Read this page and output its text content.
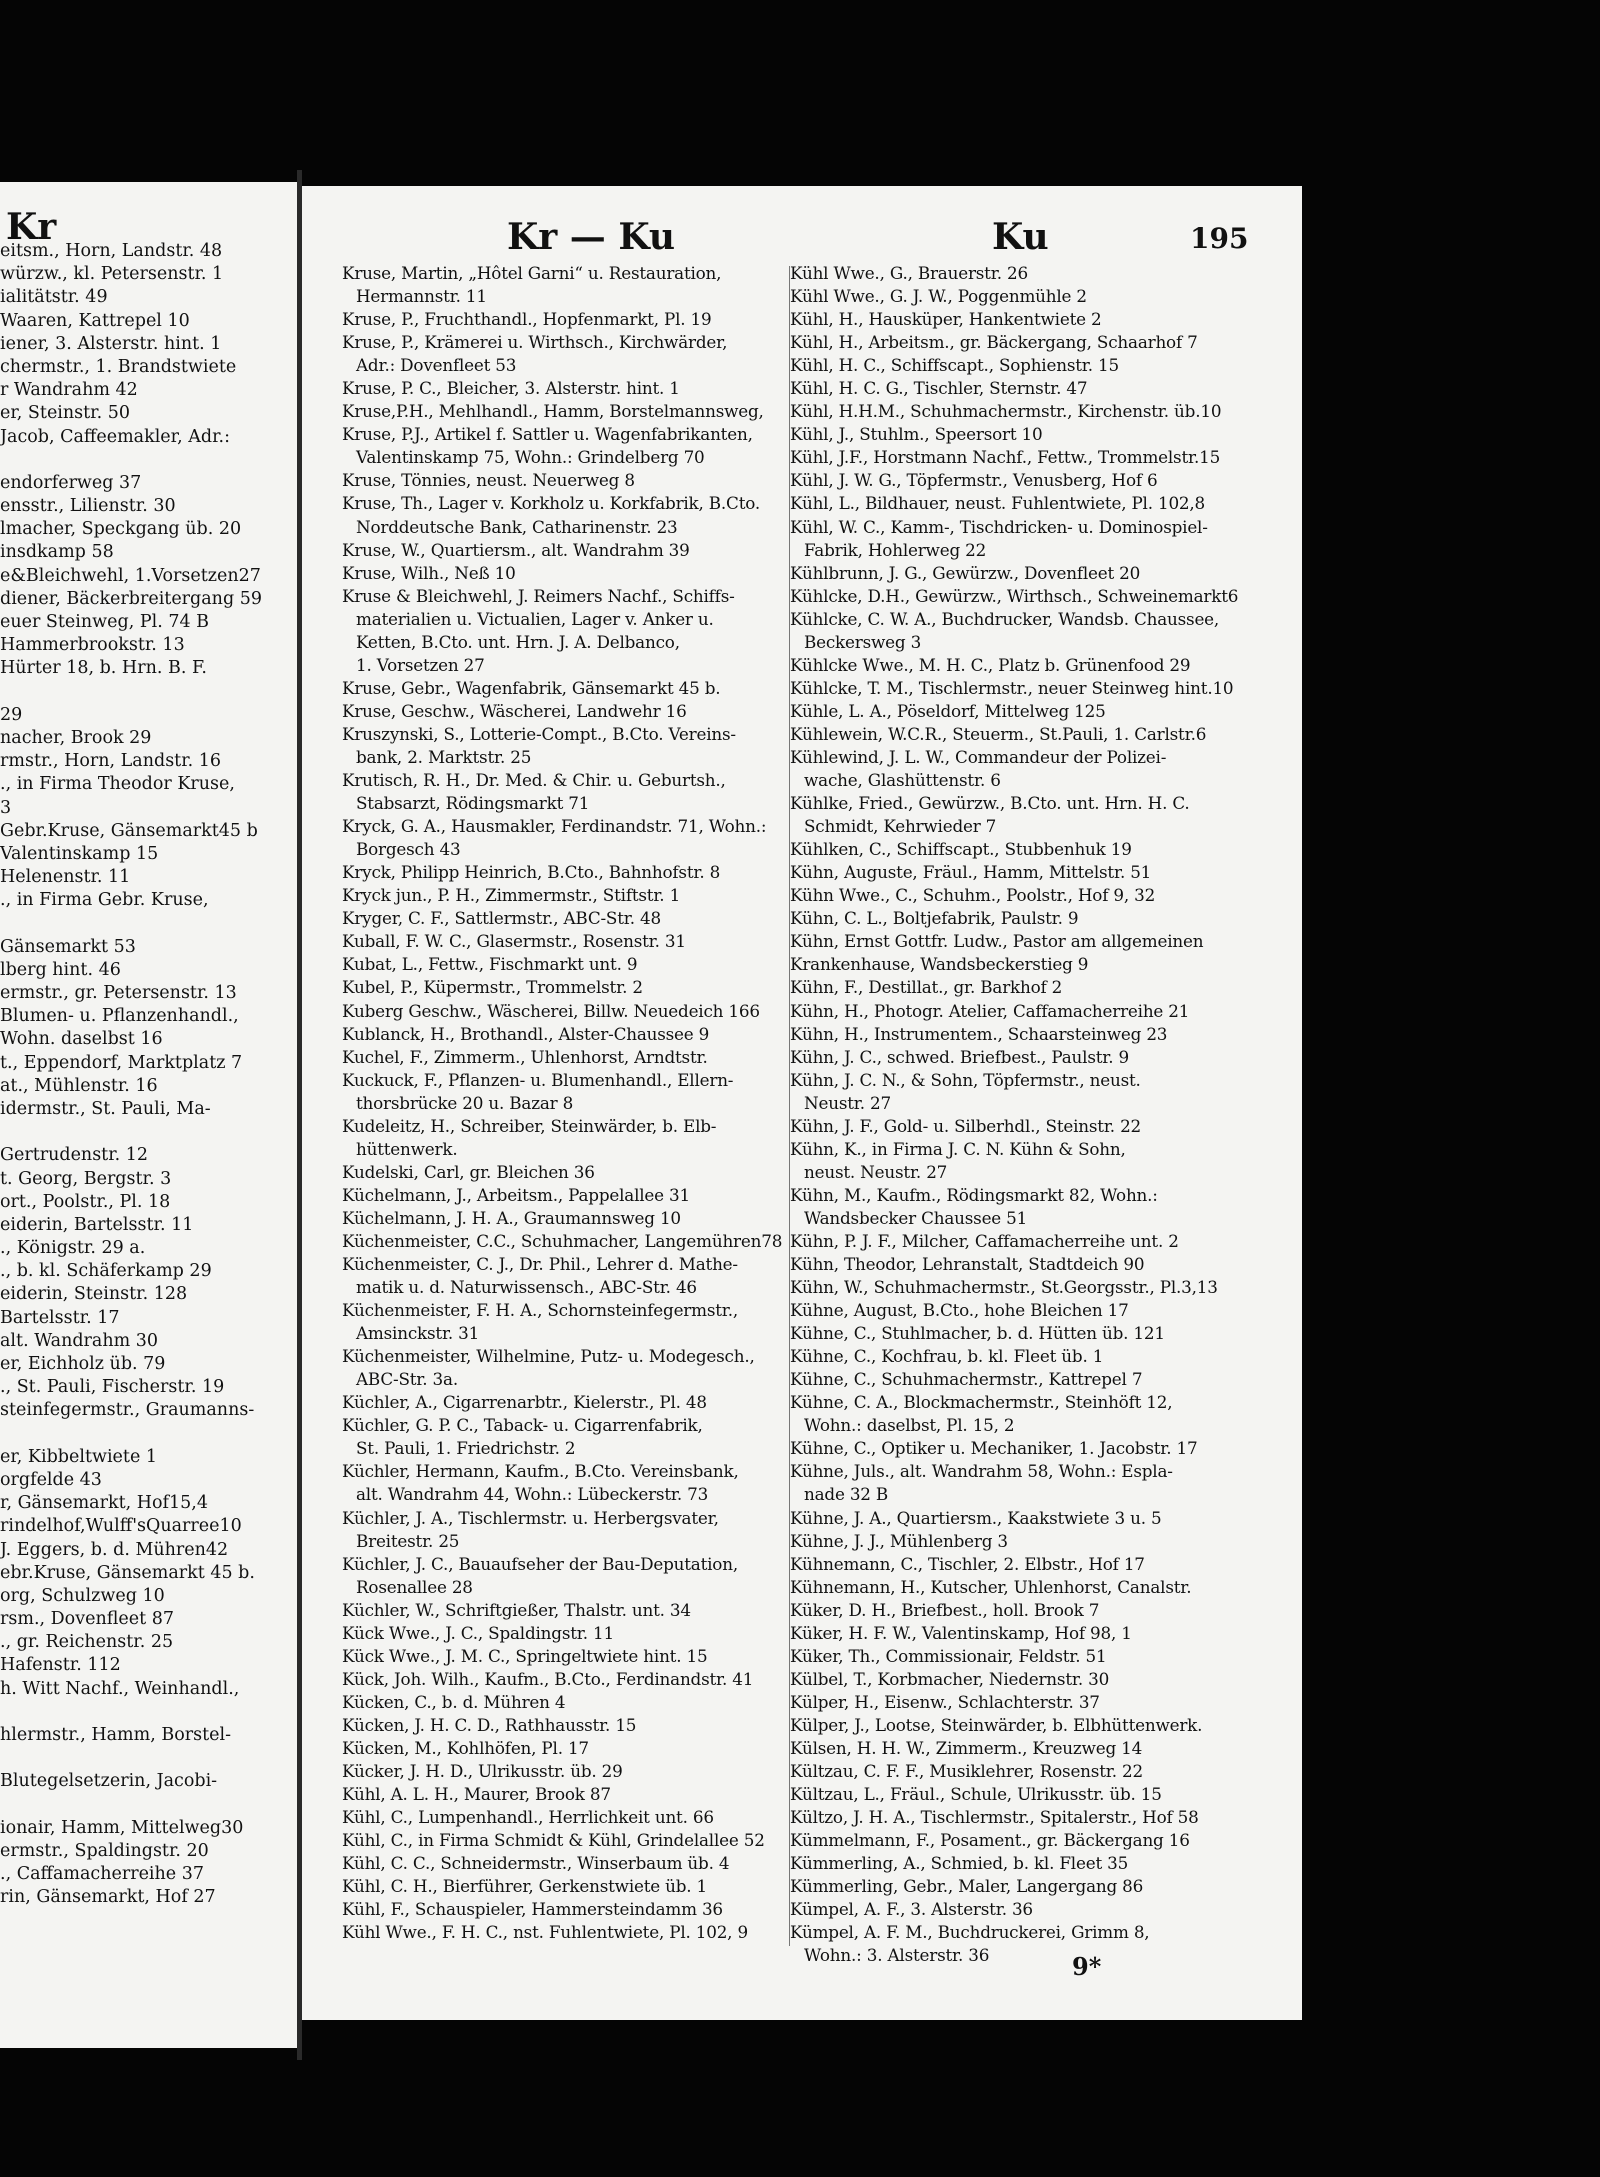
Kr
eitsm., Horn, Landstr. 48
würzw., kl. Petersenstr. 1
ialitätstr. 49
Waaren, Kattrepel 10
iener, 3. Alsterstr. hint. 1
chermstr., 1. Brandstwiete
r Wandrahm 42
er, Steinstr. 50
Jacob, Caffeemakler, Adr.:
endorferweg 37
ensstr., Lilienstr. 30
lmacher, Speckgang üb. 20
insdkamp 58
e&Bleichwehl, 1.Vorsetzen27
diener, Bäckerbreitergang 59
euer Steinweg, Pl. 74 B
Hammerbrookstr. 13
Hürter 18, b. Hrn. B. F.
29
nacher, Brook 29
rmstr., Horn, Landstr. 16
., in Firma Theodor Kruse,
3
Gebr.Kruse, Gänsemarkt45 b
Valentinskamp 15
Helenenstr. 11
., in Firma Gebr. Kruse,
Gänsemarkt 53
lberg hint. 46
ermstr., gr. Petersenstr. 13
Blumen- u. Pflanzenhandl.,
Wohn. daselbst 16
t., Eppendorf, Marktplatz 7
at., Mühlenstr. 16
idermstr., St. Pauli, Ma-
Gertrudenstr. 12
t. Georg, Bergstr. 3
ort., Poolstr., Pl. 18
eiderin, Bartelsstr. 11
., Königstr. 29 a.
., b. kl. Schäferkamp 29
eiderin, Steinstr. 128
Bartelsstr. 17
alt. Wandrahm 30
er, Eichholz üb. 79
., St. Pauli, Fischerstr. 19
steinfegermstr., Graumanns-
er, Kibbeltwiete 1
orgfelde 43
r, Gänsemarkt, Hof15,4
rindelhof,Wulff'sQuarree10
J. Eggers, b. d. Mühren42
ebr.Kruse, Gänsemarkt 45 b.
org, Schulzweg 10
rsm., Dovenfleet 87
., gr. Reichenstr. 25
Hafenstr. 112
h. Witt Nachf., Weinhandl.,
hlermstr., Hamm, Borstel-
Blutegelsetzerin, Jacobi-
ionair, Hamm, Mittelweg30
ermstr., Spaldingstr. 20
., Caffamacherreihe 37
rin, Gänsemarkt, Hof 27
Kr — Ku	Ku	195
Kruse, Martin, „Hôtel Garni“ u. Restauration,
Hermannstr. 11
Kruse, P., Fruchthandl., Hopfenmarkt, Pl. 19
Kruse, P., Krämerei u. Wirthsch., Kirchwärder,
Adr.: Dovenfleet 53
Kruse, P. C., Bleicher, 3. Alsterstr. hint. 1
Kruse,P.H., Mehlhandl., Hamm, Borstelmannsweg,
Kruse, P.J., Artikel f. Sattler u. Wagenfabrikanten,
Valentinskamp 75, Wohn.: Grindelberg 70
Kruse, Tönnies, neust. Neuerweg 8
Kruse, Th., Lager v. Korkholz u. Korkfabrik, B.Cto.
Norddeutsche Bank, Catharinenstr. 23
Kruse, W., Quartiersm., alt. Wandrahm 39
Kruse, Wilh., Neß 10
Kruse & Bleichwehl, J. Reimers Nachf., Schiffs-
materialien u. Victualien, Lager v. Anker u.
Ketten, B.Cto. unt. Hrn. J. A. Delbanco,
1. Vorsetzen 27
Kruse, Gebr., Wagenfabrik, Gänsemarkt 45 b.
Kruse, Geschw., Wäscherei, Landwehr 16
Kruszynski, S., Lotterie-Compt., B.Cto. Vereins-
bank, 2. Marktstr. 25
Krutisch, R. H., Dr. Med. & Chir. u. Geburtsh.,
Stabsarzt, Rödingsmarkt 71
Kryck, G. A., Hausmakler, Ferdinandstr. 71, Wohn.:
Borgesch 43
Kryck, Philipp Heinrich, B.Cto., Bahnhofstr. 8
Kryck jun., P. H., Zimmermstr., Stiftstr. 1
Kryger, C. F., Sattlermstr., ABC-Str. 48
Kuball, F. W. C., Glasermstr., Rosenstr. 31
Kubat, L., Fettw., Fischmarkt unt. 9
Kubel, P., Küpermstr., Trommelstr. 2
Kuberg Geschw., Wäscherei, Billw. Neuedeich 166
Kublanck, H., Brothandl., Alster-Chaussee 9
Kuchel, F., Zimmerm., Uhlenhorst, Arndtstr.
Kuckuck, F., Pflanzen- u. Blumenhandl., Ellern-
thorsbrücke 20 u. Bazar 8
Kudeleitz, H., Schreiber, Steinwärder, b. Elb-
hüttenwerk.
Kudelski, Carl, gr. Bleichen 36
Küchelmann, J., Arbeitsm., Pappelallee 31
Küchelmann, J. H. A., Graumannsweg 10
Küchenmeister, C.C., Schuhmacher, Langemühren78
Küchenmeister, C. J., Dr. Phil., Lehrer d. Mathe-
matik u. d. Naturwissensch., ABC-Str. 46
Küchenmeister, F. H. A., Schornsteinfegermstr.,
Amsinckstr. 31
Küchenmeister, Wilhelmine, Putz- u. Modegesch.,
ABC-Str. 3a.
Küchler, A., Cigarrenarbtr., Kielerstr., Pl. 48
Küchler, G. P. C., Taback- u. Cigarrenfabrik,
St. Pauli, 1. Friedrichstr. 2
Küchler, Hermann, Kaufm., B.Cto. Vereinsbank,
alt. Wandrahm 44, Wohn.: Lübeckerstr. 73
Küchler, J. A., Tischlermstr. u. Herbergsvater,
Breitestr. 25
Küchler, J. C., Bauaufseher der Bau-Deputation,
Rosenallee 28
Küchler, W., Schriftgießer, Thalstr. unt. 34
Kück Wwe., J. C., Spaldingstr. 11
Kück Wwe., J. M. C., Springeltwiete hint. 15
Kück, Joh. Wilh., Kaufm., B.Cto., Ferdinandstr. 41
Kücken, C., b. d. Mühren 4
Kücken, J. H. C. D., Rathhausstr. 15
Kücken, M., Kohlhöfen, Pl. 17
Kücker, J. H. D., Ulrikusstr. üb. 29
Kühl, A. L. H., Maurer, Brook 87
Kühl, C., Lumpenhandl., Herrlichkeit unt. 66
Kühl, C., in Firma Schmidt & Kühl, Grindelallee 52
Kühl, C. C., Schneidermstr., Winserbaum üb. 4
Kühl, C. H., Bierführer, Gerkenstwiete üb. 1
Kühl, F., Schauspieler, Hammersteindamm 36
Kühl Wwe., F. H. C., nst. Fuhlentwiete, Pl. 102, 9
Kühl Wwe., G., Brauerstr. 26
Kühl Wwe., G. J. W., Poggenmühle 2
Kühl, H., Hausküper, Hankentwiete 2
Kühl, H., Arbeitsm., gr. Bäckergang, Schaarhof 7
Kühl, H. C., Schiffscapt., Sophienstr. 15
Kühl, H. C. G., Tischler, Sternstr. 47
Kühl, H.H.M., Schuhmachermstr., Kirchenstr. üb.10
Kühl, J., Stuhlm., Speersort 10
Kühl, J.F., Horstmann Nachf., Fettw., Trommelstr.15
Kühl, J. W. G., Töpfermstr., Venusberg, Hof 6
Kühl, L., Bildhauer, neust. Fuhlentwiete, Pl. 102,8
Kühl, W. C., Kamm-, Tischdricken- u. Dominospiel-
Fabrik, Hohlerweg 22
Kühlbrunn, J. G., Gewürzw., Dovenfleet 20
Kühlcke, D.H., Gewürzw., Wirthsch., Schweinemarkt6
Kühlcke, C. W. A., Buchdrucker, Wandsb. Chaussee,
Beckersweg 3
Kühlcke Wwe., M. H. C., Platz b. Grünenfood 29
Kühlcke, T. M., Tischlermstr., neuer Steinweg hint.10
Kühle, L. A., Pöseldorf, Mittelweg 125
Kühlewein, W.C.R., Steuerm., St.Pauli, 1. Carlstr.6
Kühlewind, J. L. W., Commandeur der Polizei-
wache, Glashüttenstr. 6
Kühlke, Fried., Gewürzw., B.Cto. unt. Hrn. H. C.
Schmidt, Kehrwieder 7
Kühlken, C., Schiffscapt., Stubbenhuk 19
Kühn, Auguste, Fräul., Hamm, Mittelstr. 51
Kühn Wwe., C., Schuhm., Poolstr., Hof 9, 32
Kühn, C. L., Boltjefabrik, Paulstr. 9
Kühn, Ernst Gottfr. Ludw., Pastor am allgemeinen
Krankenhause, Wandsbeckerstieg 9
Kühn, F., Destillat., gr. Barkhof 2
Kühn, H., Photogr. Atelier, Caffamacherreihe 21
Kühn, H., Instrumentem., Schaarsteinweg 23
Kühn, J. C., schwed. Briefbest., Paulstr. 9
Kühn, J. C. N., & Sohn, Töpfermstr., neust.
Neustr. 27
Kühn, J. F., Gold- u. Silberhdl., Steinstr. 22
Kühn, K., in Firma J. C. N. Kühn & Sohn,
neust. Neustr. 27
Kühn, M., Kaufm., Rödingsmarkt 82, Wohn.:
Wandsbecker Chaussee 51
Kühn, P. J. F., Milcher, Caffamacherreihe unt. 2
Kühn, Theodor, Lehranstalt, Stadtdeich 90
Kühn, W., Schuhmachermstr., St.Georgsstr., Pl.3,13
Kühne, August, B.Cto., hohe Bleichen 17
Kühne, C., Stuhlmacher, b. d. Hütten üb. 121
Kühne, C., Kochfrau, b. kl. Fleet üb. 1
Kühne, C., Schuhmachermstr., Kattrepel 7
Kühne, C. A., Blockmachermstr., Steinhöft 12,
Wohn.: daselbst, Pl. 15, 2
Kühne, C., Optiker u. Mechaniker, 1. Jacobstr. 17
Kühne, Juls., alt. Wandrahm 58, Wohn.: Espla-
nade 32 B
Kühne, J. A., Quartiersm., Kaakstwiete 3 u. 5
Kühne, J. J., Mühlenberg 3
Kühnemann, C., Tischler, 2. Elbstr., Hof 17
Kühnemann, H., Kutscher, Uhlenhorst, Canalstr.
Küker, D. H., Briefbest., holl. Brook 7
Küker, H. F. W., Valentinskamp, Hof 98, 1
Küker, Th., Commissionair, Feldstr. 51
Külbel, T., Korbmacher, Niedernstr. 30
Külper, H., Eisenw., Schlachterstr. 37
Külper, J., Lootse, Steinwärder, b. Elbhüttenwerk.
Külsen, H. H. W., Zimmerm., Kreuzweg 14
Kültzau, C. F. F., Musiklehrer, Rosenstr. 22
Kültzau, L., Fräul., Schule, Ulrikusstr. üb. 15
Kültzo, J. H. A., Tischlermstr., Spitalerstr., Hof 58
Kümmelmann, F., Posament., gr. Bäckergang 16
Kümmerling, A., Schmied, b. kl. Fleet 35
Kümmerling, Gebr., Maler, Langergang 86
Kümpel, A. F., 3. Alsterstr. 36
Kümpel, A. F. M., Buchdruckerei, Grimm 8,
Wohn.: 3. Alsterstr. 36	9*
